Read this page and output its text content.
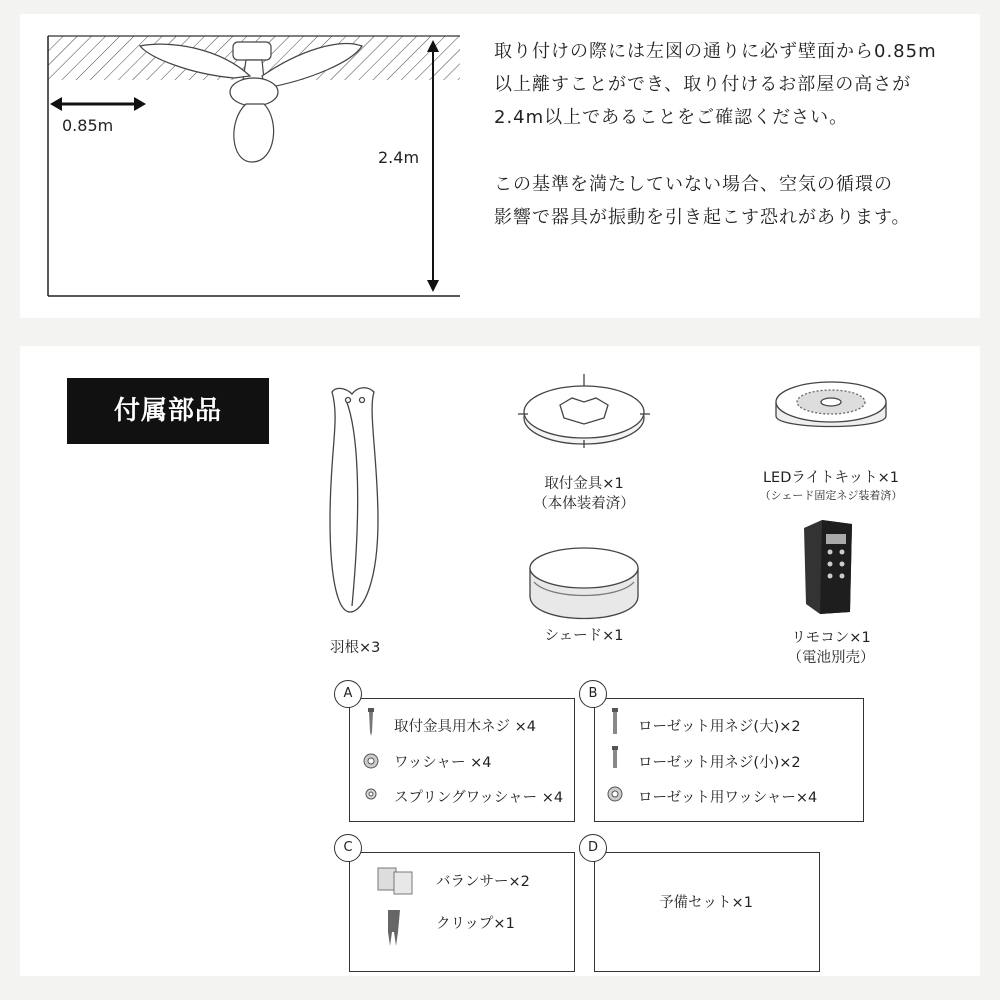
0.85m
2.4m
取り付けの際には左図の通りに必ず壁面から0.85m
以上離すことができ、取り付けるお部屋の高さが
2.4m以上であることをご確認ください。
この基準を満たしていない場合、空気の循環の
影響で器具が振動を引き起こす恐れがあります。
付属部品
羽根×3
取付金具×1
（本体装着済）
LEDライトキット×1
（シェード固定ネジ装着済）
シェード×1	リモコン×1
（電池別売）
A
取付金具用木ネジ ×4
ワッシャー ×4
スプリングワッシャー ×4
B
ローゼット用ネジ(大)×2
ローゼット用ネジ(小)×2
ローゼット用ワッシャー×4
C
バランサー×2
クリップ×1
D
予備セット×1
